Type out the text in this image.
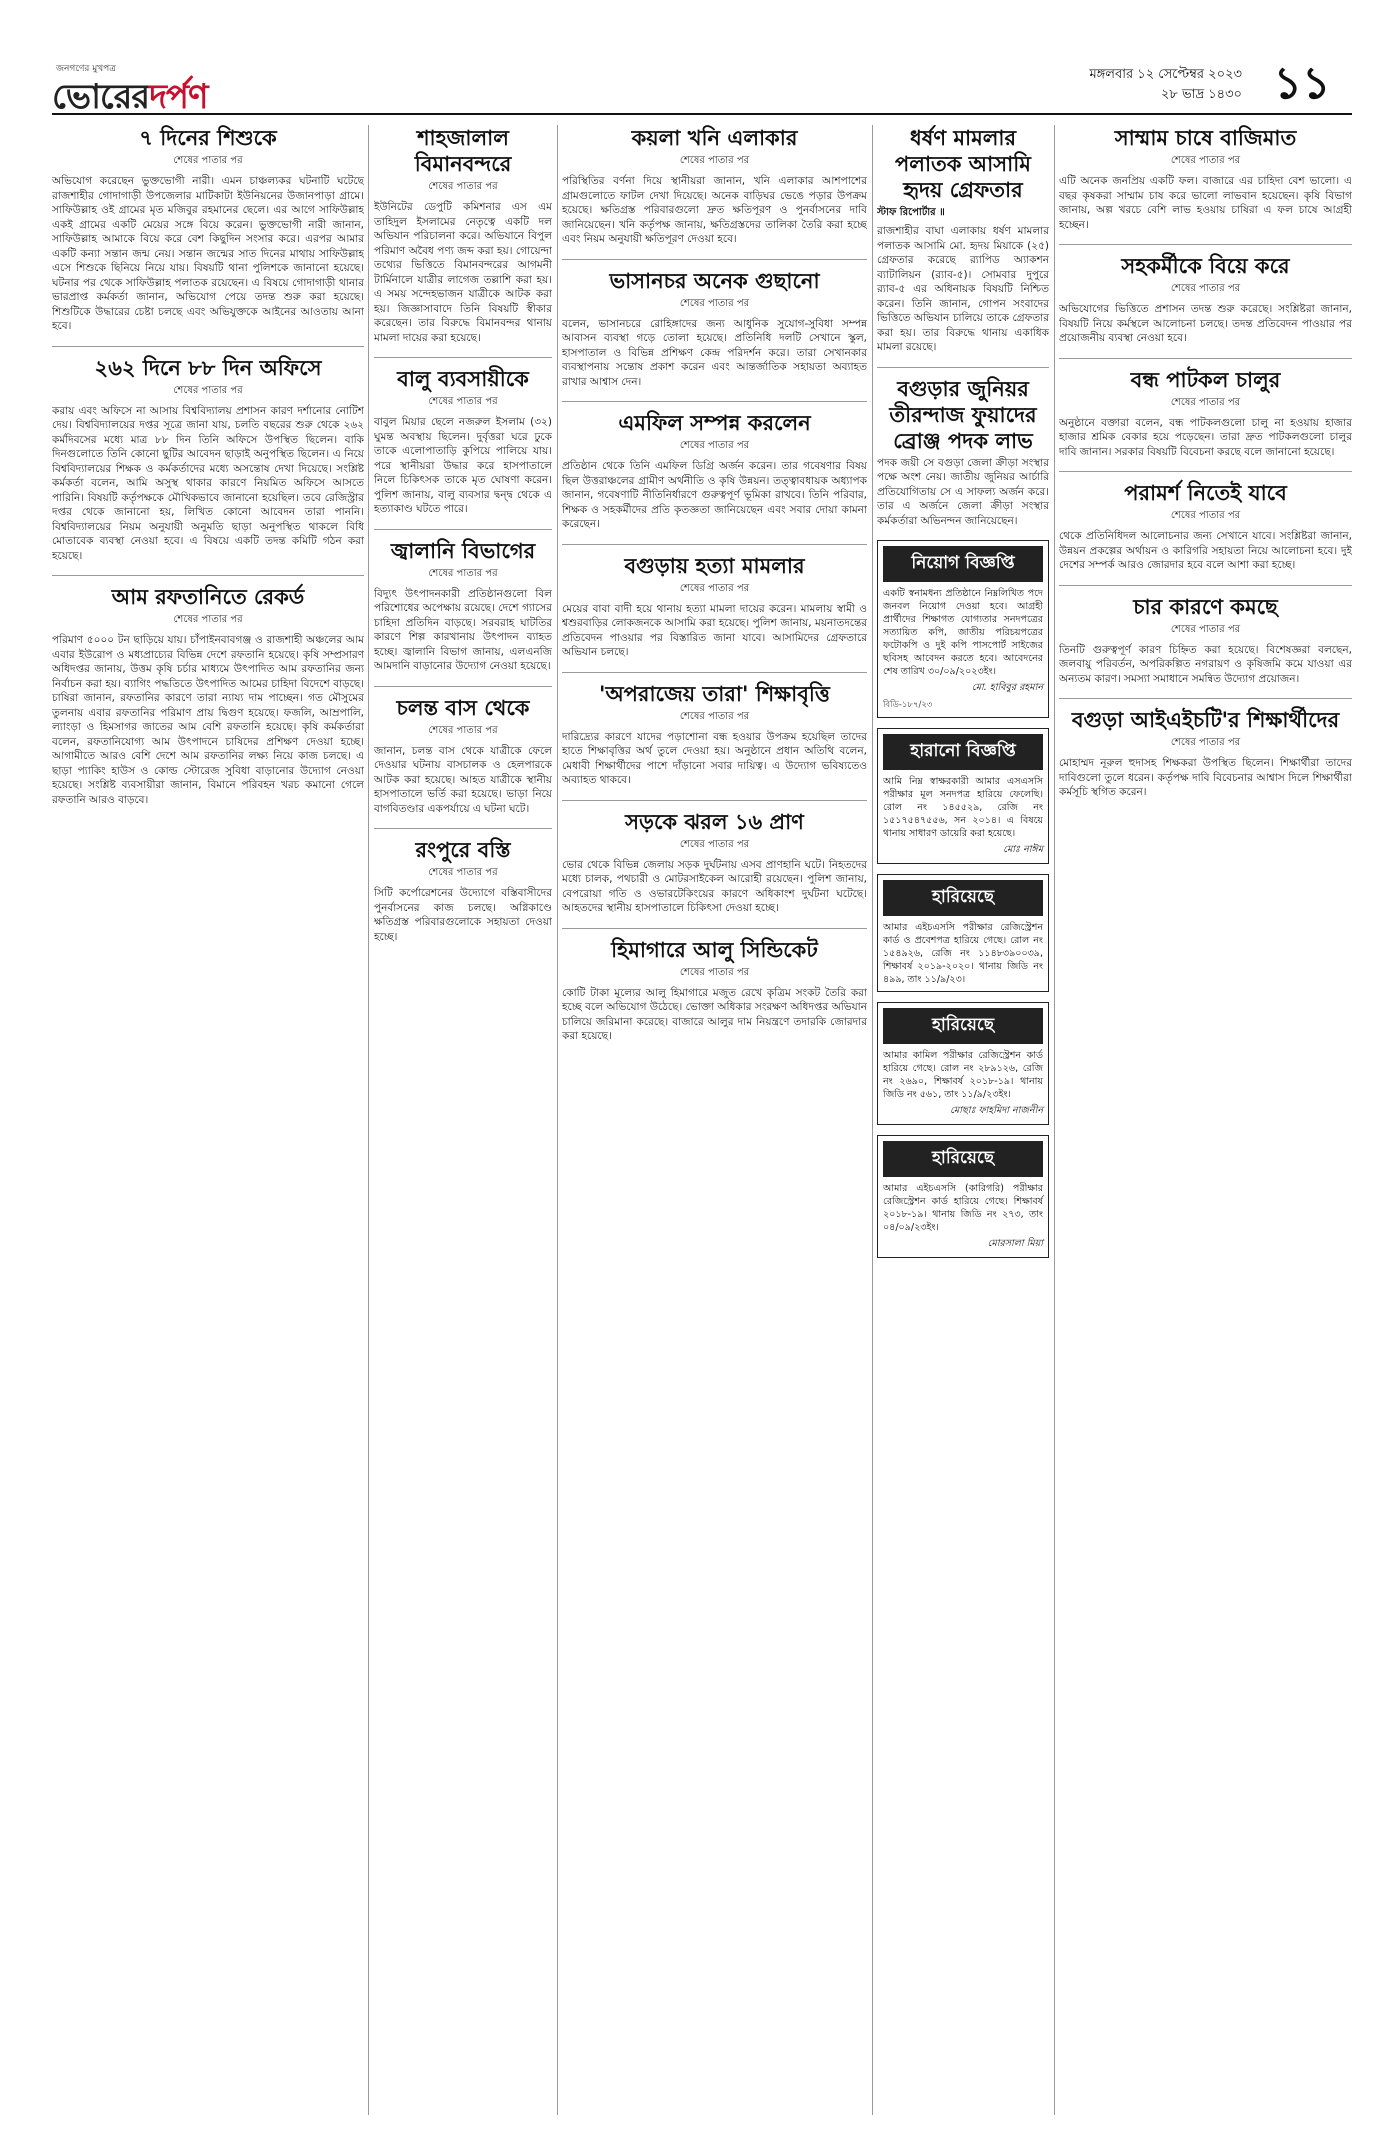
জনগণের মুখপত্র
ভোরেরদর্পণ
মঙ্গলবার ১২ সেপ্টেম্বর ২০২৩
২৮ ভাদ্র ১৪৩০ ১১
৭ দিনের শিশুকে
শেষের পাতার পর

অভিযোগ করেছেন ভুক্তভোগী নারী। এমন চাঞ্চল্যকর ঘটনাটি ঘটেছে রাজশাহীর গোদাগাড়ী উপজেলার মাটিকাটা ইউনিয়নের উজানপাড়া গ্রামে। সাফিউল্লাহ ওই গ্রামের মৃত মজিবুর রহমানের ছেলে। এর আগে সাফিউল্লাহ একই গ্রামের একটি মেয়ের সঙ্গে বিয়ে করেন। ভুক্তভোগী নারী জানান, সাফিউল্লাহ আমাকে বিয়ে করে বেশ কিছুদিন সংসার করে। এরপর আমার একটি কন্যা সন্তান জন্ম নেয়। সন্তান জন্মের সাত দিনের মাথায় সাফিউল্লাহ এসে শিশুকে ছিনিয়ে নিয়ে যায়। বিষয়টি থানা পুলিশকে জানানো হয়েছে। ঘটনার পর থেকে সাফিউল্লাহ পলাতক রয়েছেন। এ বিষয়ে গোদাগাড়ী থানার ভারপ্রাপ্ত কর্মকর্তা জানান, অভিযোগ পেয়ে তদন্ত শুরু করা হয়েছে। শিশুটিকে উদ্ধারের চেষ্টা চলছে এবং অভিযুক্তকে আইনের আওতায় আনা হবে।

২৬২ দিনে ৮৮ দিন অফিসে
শেষের পাতার পর

করায় এবং অফিসে না আসায় বিশ্ববিদ্যালয় প্রশাসন কারণ দর্শানোর নোটিশ দেয়। বিশ্ববিদ্যালয়ের দপ্তর সূত্রে জানা যায়, চলতি বছরের শুরু থেকে ২৬২ কর্মদিবসের মধ্যে মাত্র ৮৮ দিন তিনি অফিসে উপস্থিত ছিলেন। বাকি দিনগুলোতে তিনি কোনো ছুটির আবেদন ছাড়াই অনুপস্থিত ছিলেন। এ নিয়ে বিশ্ববিদ্যালয়ের শিক্ষক ও কর্মকর্তাদের মধ্যে অসন্তোষ দেখা দিয়েছে। সংশ্লিষ্ট কর্মকর্তা বলেন, আমি অসুস্থ থাকার কারণে নিয়মিত অফিসে আসতে পারিনি। বিষয়টি কর্তৃপক্ষকে মৌখিকভাবে জানানো হয়েছিল। তবে রেজিস্ট্রার দপ্তর থেকে জানানো হয়, লিখিত কোনো আবেদন তারা পাননি। বিশ্ববিদ্যালয়ের নিয়ম অনুযায়ী অনুমতি ছাড়া অনুপস্থিত থাকলে বিধি মোতাবেক ব্যবস্থা নেওয়া হবে। এ বিষয়ে একটি তদন্ত কমিটি গঠন করা হয়েছে।

আম রফতানিতে রেকর্ড
শেষের পাতার পর

পরিমাণ ৫০০০ টন ছাড়িয়ে যায়। চাঁপাইনবাবগঞ্জ ও রাজশাহী অঞ্চলের আম এবার ইউরোপ ও মধ্যপ্রাচ্যের বিভিন্ন দেশে রফতানি হয়েছে। কৃষি সম্প্রসারণ অধিদপ্তর জানায়, উত্তম কৃষি চর্চার মাধ্যমে উৎপাদিত আম রফতানির জন্য নির্বাচন করা হয়। ব্যাগিং পদ্ধতিতে উৎপাদিত আমের চাহিদা বিদেশে বাড়ছে। চাষিরা জানান, রফতানির কারণে তারা ন্যায্য দাম পাচ্ছেন। গত মৌসুমের তুলনায় এবার রফতানির পরিমাণ প্রায় দ্বিগুণ হয়েছে। ফজলি, আম্রপালি, ল্যাংড়া ও হিমসাগর জাতের আম বেশি রফতানি হয়েছে। কৃষি কর্মকর্তারা বলেন, রফতানিযোগ্য আম উৎপাদনে চাষিদের প্রশিক্ষণ দেওয়া হচ্ছে। আগামীতে আরও বেশি দেশে আম রফতানির লক্ষ্য নিয়ে কাজ চলছে। এ ছাড়া প্যাকিং হাউস ও কোল্ড স্টোরেজ সুবিধা বাড়ানোর উদ্যোগ নেওয়া হয়েছে। সংশ্লিষ্ট ব্যবসায়ীরা জানান, বিমানে পরিবহন খরচ কমানো গেলে রফতানি আরও বাড়বে।

শাহজালাল বিমানবন্দরে
শেষের পাতার পর

ইউনিটের ডেপুটি কমিশনার এস এম তাহিদুল ইসলামের নেতৃত্বে একটি দল অভিযান পরিচালনা করে। অভিযানে বিপুল পরিমাণ অবৈধ পণ্য জব্দ করা হয়। গোয়েন্দা তথ্যের ভিত্তিতে বিমানবন্দরের আগমনী টার্মিনালে যাত্রীর লাগেজ তল্লাশি করা হয়। এ সময় সন্দেহভাজন যাত্রীকে আটক করা হয়। জিজ্ঞাসাবাদে তিনি বিষয়টি স্বীকার করেছেন। তার বিরুদ্ধে বিমানবন্দর থানায় মামলা দায়ের করা হয়েছে।

বালু ব্যবসায়ীকে
শেষের পাতার পর

বাবুল মিয়ার ছেলে নজরুল ইসলাম (৩২) ঘুমন্ত অবস্থায় ছিলেন। দুর্বৃত্তরা ঘরে ঢুকে তাকে এলোপাতাড়ি কুপিয়ে পালিয়ে যায়। পরে স্থানীয়রা উদ্ধার করে হাসপাতালে নিলে চিকিৎসক তাকে মৃত ঘোষণা করেন। পুলিশ জানায়, বালু ব্যবসার দ্বন্দ্ব থেকে এ হত্যাকাণ্ড ঘটতে পারে।

জ্বালানি বিভাগের
শেষের পাতার পর

বিদ্যুৎ উৎপাদনকারী প্রতিষ্ঠানগুলো বিল পরিশোধের অপেক্ষায় রয়েছে। দেশে গ্যাসের চাহিদা প্রতিদিন বাড়ছে। সরবরাহ ঘাটতির কারণে শিল্প কারখানায় উৎপাদন ব্যাহত হচ্ছে। জ্বালানি বিভাগ জানায়, এলএনজি আমদানি বাড়ানোর উদ্যোগ নেওয়া হয়েছে।

চলন্ত বাস থেকে
শেষের পাতার পর

জানান, চলন্ত বাস থেকে যাত্রীকে ফেলে দেওয়ার ঘটনায় বাসচালক ও হেলপারকে আটক করা হয়েছে। আহত যাত্রীকে স্থানীয় হাসপাতালে ভর্তি করা হয়েছে। ভাড়া নিয়ে বাগবিতণ্ডার একপর্যায়ে এ ঘটনা ঘটে।

রংপুরে বস্তি
শেষের পাতার পর

সিটি কর্পোরেশনের উদ্যোগে বস্তিবাসীদের পুনর্বাসনের কাজ চলছে। অগ্নিকাণ্ডে ক্ষতিগ্রস্ত পরিবারগুলোকে সহায়তা দেওয়া হচ্ছে।

কয়লা খনি এলাকার
শেষের পাতার পর

পরিস্থিতির বর্ণনা দিয়ে স্থানীয়রা জানান, খনি এলাকার আশপাশের গ্রামগুলোতে ফাটল দেখা দিয়েছে। অনেক বাড়িঘর ভেঙে পড়ার উপক্রম হয়েছে। ক্ষতিগ্রস্ত পরিবারগুলো দ্রুত ক্ষতিপূরণ ও পুনর্বাসনের দাবি জানিয়েছেন। খনি কর্তৃপক্ষ জানায়, ক্ষতিগ্রস্তদের তালিকা তৈরি করা হচ্ছে এবং নিয়ম অনুযায়ী ক্ষতিপূরণ দেওয়া হবে।

ভাসানচর অনেক গুছানো
শেষের পাতার পর

বলেন, ভাসানচরে রোহিঙ্গাদের জন্য আধুনিক সুযোগ-সুবিধা সম্পন্ন আবাসন ব্যবস্থা গড়ে তোলা হয়েছে। প্রতিনিধি দলটি সেখানে স্কুল, হাসপাতাল ও বিভিন্ন প্রশিক্ষণ কেন্দ্র পরিদর্শন করে। তারা সেখানকার ব্যবস্থাপনায় সন্তোষ প্রকাশ করেন এবং আন্তর্জাতিক সহায়তা অব্যাহত রাখার আশ্বাস দেন।

এমফিল সম্পন্ন করলেন
শেষের পাতার পর

প্রতিষ্ঠান থেকে তিনি এমফিল ডিগ্রি অর্জন করেন। তার গবেষণার বিষয় ছিল উত্তরাঞ্চলের গ্রামীণ অর্থনীতি ও কৃষি উন্নয়ন। তত্ত্বাবধায়ক অধ্যাপক জানান, গবেষণাটি নীতিনির্ধারণে গুরুত্বপূর্ণ ভূমিকা রাখবে। তিনি পরিবার, শিক্ষক ও সহকর্মীদের প্রতি কৃতজ্ঞতা জানিয়েছেন এবং সবার দোয়া কামনা করেছেন।

বগুড়ায় হত্যা মামলার
শেষের পাতার পর

মেয়ের বাবা বাদী হয়ে থানায় হত্যা মামলা দায়ের করেন। মামলায় স্বামী ও শ্বশুরবাড়ির লোকজনকে আসামি করা হয়েছে। পুলিশ জানায়, ময়নাতদন্তের প্রতিবেদন পাওয়ার পর বিস্তারিত জানা যাবে। আসামিদের গ্রেফতারে অভিযান চলছে।

'অপরাজেয় তারা' শিক্ষাবৃত্তি
শেষের পাতার পর

দারিদ্র্যের কারণে যাদের পড়াশোনা বন্ধ হওয়ার উপক্রম হয়েছিল তাদের হাতে শিক্ষাবৃত্তির অর্থ তুলে দেওয়া হয়। অনুষ্ঠানে প্রধান অতিথি বলেন, মেধাবী শিক্ষার্থীদের পাশে দাঁড়ানো সবার দায়িত্ব। এ উদ্যোগ ভবিষ্যতেও অব্যাহত থাকবে।

সড়কে ঝরল ১৬ প্রাণ
শেষের পাতার পর

ভোর থেকে বিভিন্ন জেলায় সড়ক দুর্ঘটনায় এসব প্রাণহানি ঘটে। নিহতদের মধ্যে চালক, পথচারী ও মোটরসাইকেল আরোহী রয়েছেন। পুলিশ জানায়, বেপরোয়া গতি ও ওভারটেকিংয়ের কারণে অধিকাংশ দুর্ঘটনা ঘটেছে। আহতদের স্থানীয় হাসপাতালে চিকিৎসা দেওয়া হচ্ছে।

হিমাগারে আলু সিন্ডিকেট
শেষের পাতার পর

কোটি টাকা মূল্যের আলু হিমাগারে মজুত রেখে কৃত্রিম সংকট তৈরি করা হচ্ছে বলে অভিযোগ উঠেছে। ভোক্তা অধিকার সংরক্ষণ অধিদপ্তর অভিযান চালিয়ে জরিমানা করেছে। বাজারে আলুর দাম নিয়ন্ত্রণে তদারকি জোরদার করা হয়েছে।

ধর্ষণ মামলার পলাতক আসামি হৃদয় গ্রেফতার
স্টাফ রিপোর্টার ॥

রাজশাহীর বাঘা এলাকায় ধর্ষণ মামলার পলাতক আসামি মো. হৃদয় মিয়াকে (২৫) গ্রেফতার করেছে র‍্যাপিড অ্যাকশন ব্যাটালিয়ন (র‍্যাব-৫)। সোমবার দুপুরে র‍্যাব-৫ এর অধিনায়ক বিষয়টি নিশ্চিত করেন। তিনি জানান, গোপন সংবাদের ভিত্তিতে অভিযান চালিয়ে তাকে গ্রেফতার করা হয়। তার বিরুদ্ধে থানায় একাধিক মামলা রয়েছে।

বগুড়ার জুনিয়র তীরন্দাজ ফুয়াদের ব্রোঞ্জ পদক লাভ

পদক জয়ী সে বগুড়া জেলা ক্রীড়া সংস্থার পক্ষে অংশ নেয়। জাতীয় জুনিয়র আর্চারি প্রতিযোগিতায় সে এ সাফল্য অর্জন করে। তার এ অর্জনে জেলা ক্রীড়া সংস্থার কর্মকর্তারা অভিনন্দন জানিয়েছেন।

নিয়োগ বিজ্ঞপ্তি

একটি স্বনামধন্য প্রতিষ্ঠানে নিম্নলিখিত পদে জনবল নিয়োগ দেওয়া হবে। আগ্রহী প্রার্থীদের শিক্ষাগত যোগ্যতার সনদপত্রের সত্যায়িত কপি, জাতীয় পরিচয়পত্রের ফটোকপি ও দুই কপি পাসপোর্ট সাইজের ছবিসহ আবেদন করতে হবে। আবেদনের শেষ তারিখ ৩০/০৯/২০২৩ইং।

মো. হাবিবুর রহমান
বিডি-১৮৭/২৩
হারানো বিজ্ঞপ্তি

আমি নিম্ন স্বাক্ষরকারী আমার এসএসসি পরীক্ষার মূল সনদপত্র হারিয়ে ফেলেছি। রোল নং ১৪৫৫২৯, রেজি নং ১৫১৭৫৪৭৫৫৬, সন ২০১৪। এ বিষয়ে থানায় সাধারণ ডায়েরি করা হয়েছে।

মোঃ নাঈম
হারিয়েছে

আমার এইচএসসি পরীক্ষার রেজিস্ট্রেশন কার্ড ও প্রবেশপত্র হারিয়ে গেছে। রোল নং ১৫৪৯২৬, রেজি নং ১১৪৮৩৯০০৩৯, শিক্ষাবর্ষ ২০১৯-২০২০। থানায় জিডি নং ৪৯৯, তাং ১১/৯/২৩।

হারিয়েছে

আমার কামিল পরীক্ষার রেজিস্ট্রেশন কার্ড হারিয়ে গেছে। রোল নং ২৮৯১২৬, রেজি নং ২৬৯০, শিক্ষাবর্ষ ২০১৮-১৯। থানায় জিডি নং ৫৬১, তাং ১১/৯/২৩ইং।

মোছাঃ ফাহমিদা নাজনীন
হারিয়েছে

আমার এইচএসসি (কারিগরি) পরীক্ষার রেজিস্ট্রেশন কার্ড হারিয়ে গেছে। শিক্ষাবর্ষ ২০১৮-১৯। থানায় জিডি নং ২৭৩, তাং ০৪/০৯/২৩ইং।

মোরসালা মিয়া
সাম্মাম চাষে বাজিমাত
শেষের পাতার পর

এটি অনেক জনপ্রিয় একটি ফল। বাজারে এর চাহিদা বেশ ভালো। এ বছর কৃষকরা সাম্মাম চাষ করে ভালো লাভবান হয়েছেন। কৃষি বিভাগ জানায়, অল্প খরচে বেশি লাভ হওয়ায় চাষিরা এ ফল চাষে আগ্রহী হচ্ছেন।

সহকর্মীকে বিয়ে করে
শেষের পাতার পর

অভিযোগের ভিত্তিতে প্রশাসন তদন্ত শুরু করেছে। সংশ্লিষ্টরা জানান, বিষয়টি নিয়ে কর্মস্থলে আলোচনা চলছে। তদন্ত প্রতিবেদন পাওয়ার পর প্রয়োজনীয় ব্যবস্থা নেওয়া হবে।

বন্ধ পাটকল চালুর
শেষের পাতার পর

অনুষ্ঠানে বক্তারা বলেন, বন্ধ পাটকলগুলো চালু না হওয়ায় হাজার হাজার শ্রমিক বেকার হয়ে পড়েছেন। তারা দ্রুত পাটকলগুলো চালুর দাবি জানান। সরকার বিষয়টি বিবেচনা করছে বলে জানানো হয়েছে।

পরামর্শ নিতেই যাবে
শেষের পাতার পর

থেকে প্রতিনিধিদল আলোচনার জন্য সেখানে যাবে। সংশ্লিষ্টরা জানান, উন্নয়ন প্রকল্পের অর্থায়ন ও কারিগরি সহায়তা নিয়ে আলোচনা হবে। দুই দেশের সম্পর্ক আরও জোরদার হবে বলে আশা করা হচ্ছে।

চার কারণে কমছে
শেষের পাতার পর

তিনটি গুরুত্বপূর্ণ কারণ চিহ্নিত করা হয়েছে। বিশেষজ্ঞরা বলছেন, জলবায়ু পরিবর্তন, অপরিকল্পিত নগরায়ণ ও কৃষিজমি কমে যাওয়া এর অন্যতম কারণ। সমস্যা সমাধানে সমন্বিত উদ্যোগ প্রয়োজন।

বগুড়া আইএইচটি'র শিক্ষার্থীদের
শেষের পাতার পর

মোহাম্মদ নূরুল হুদাসহ শিক্ষকরা উপস্থিত ছিলেন। শিক্ষার্থীরা তাদের দাবিগুলো তুলে ধরেন। কর্তৃপক্ষ দাবি বিবেচনার আশ্বাস দিলে শিক্ষার্থীরা কর্মসূচি স্থগিত করেন।
